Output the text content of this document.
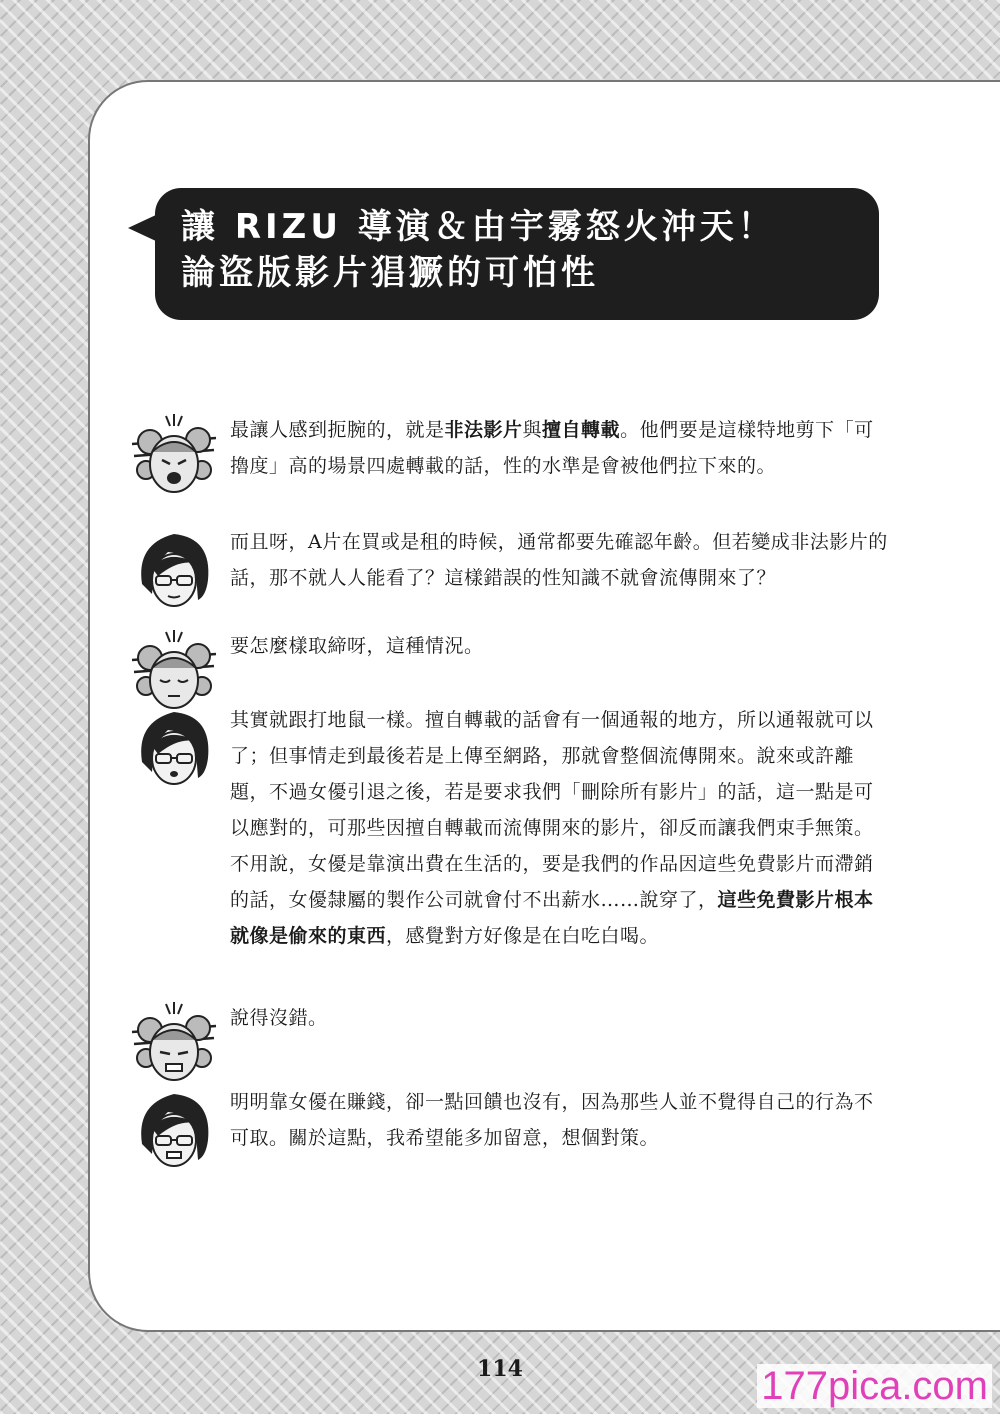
讓 RIZU 導演＆由宇霧怒火沖天！
論盜版影片猖獗的可怕性

最讓人感到扼腕的，就是非法影片與擅自轉載。他們要是這樣特地剪下「可擼度」高的場景四處轉載的話，性的水準是會被他們拉下來的。

而且呀，A片在買或是租的時候，通常都要先確認年齡。但若變成非法影片的話，那不就人人能看了？這樣錯誤的性知識不就會流傳開來了？

要怎麼樣取締呀，這種情況。

其實就跟打地鼠一樣。擅自轉載的話會有一個通報的地方，所以通報就可以了；但事情走到最後若是上傳至網路，那就會整個流傳開來。說來或許離題，不過女優引退之後，若是要求我們「刪除所有影片」的話，這一點是可以應對的，可那些因擅自轉載而流傳開來的影片，卻反而讓我們束手無策。不用說，女優是靠演出費在生活的，要是我們的作品因這些免費影片而滯銷的話，女優隸屬的製作公司就會付不出薪水……說穿了，這些免費影片根本就像是偷來的東西，感覺對方好像是在白吃白喝。

說得沒錯。

明明靠女優在賺錢，卻一點回饋也沒有，因為那些人並不覺得自己的行為不可取。關於這點，我希望能多加留意，想個對策。

114	177pica.com
